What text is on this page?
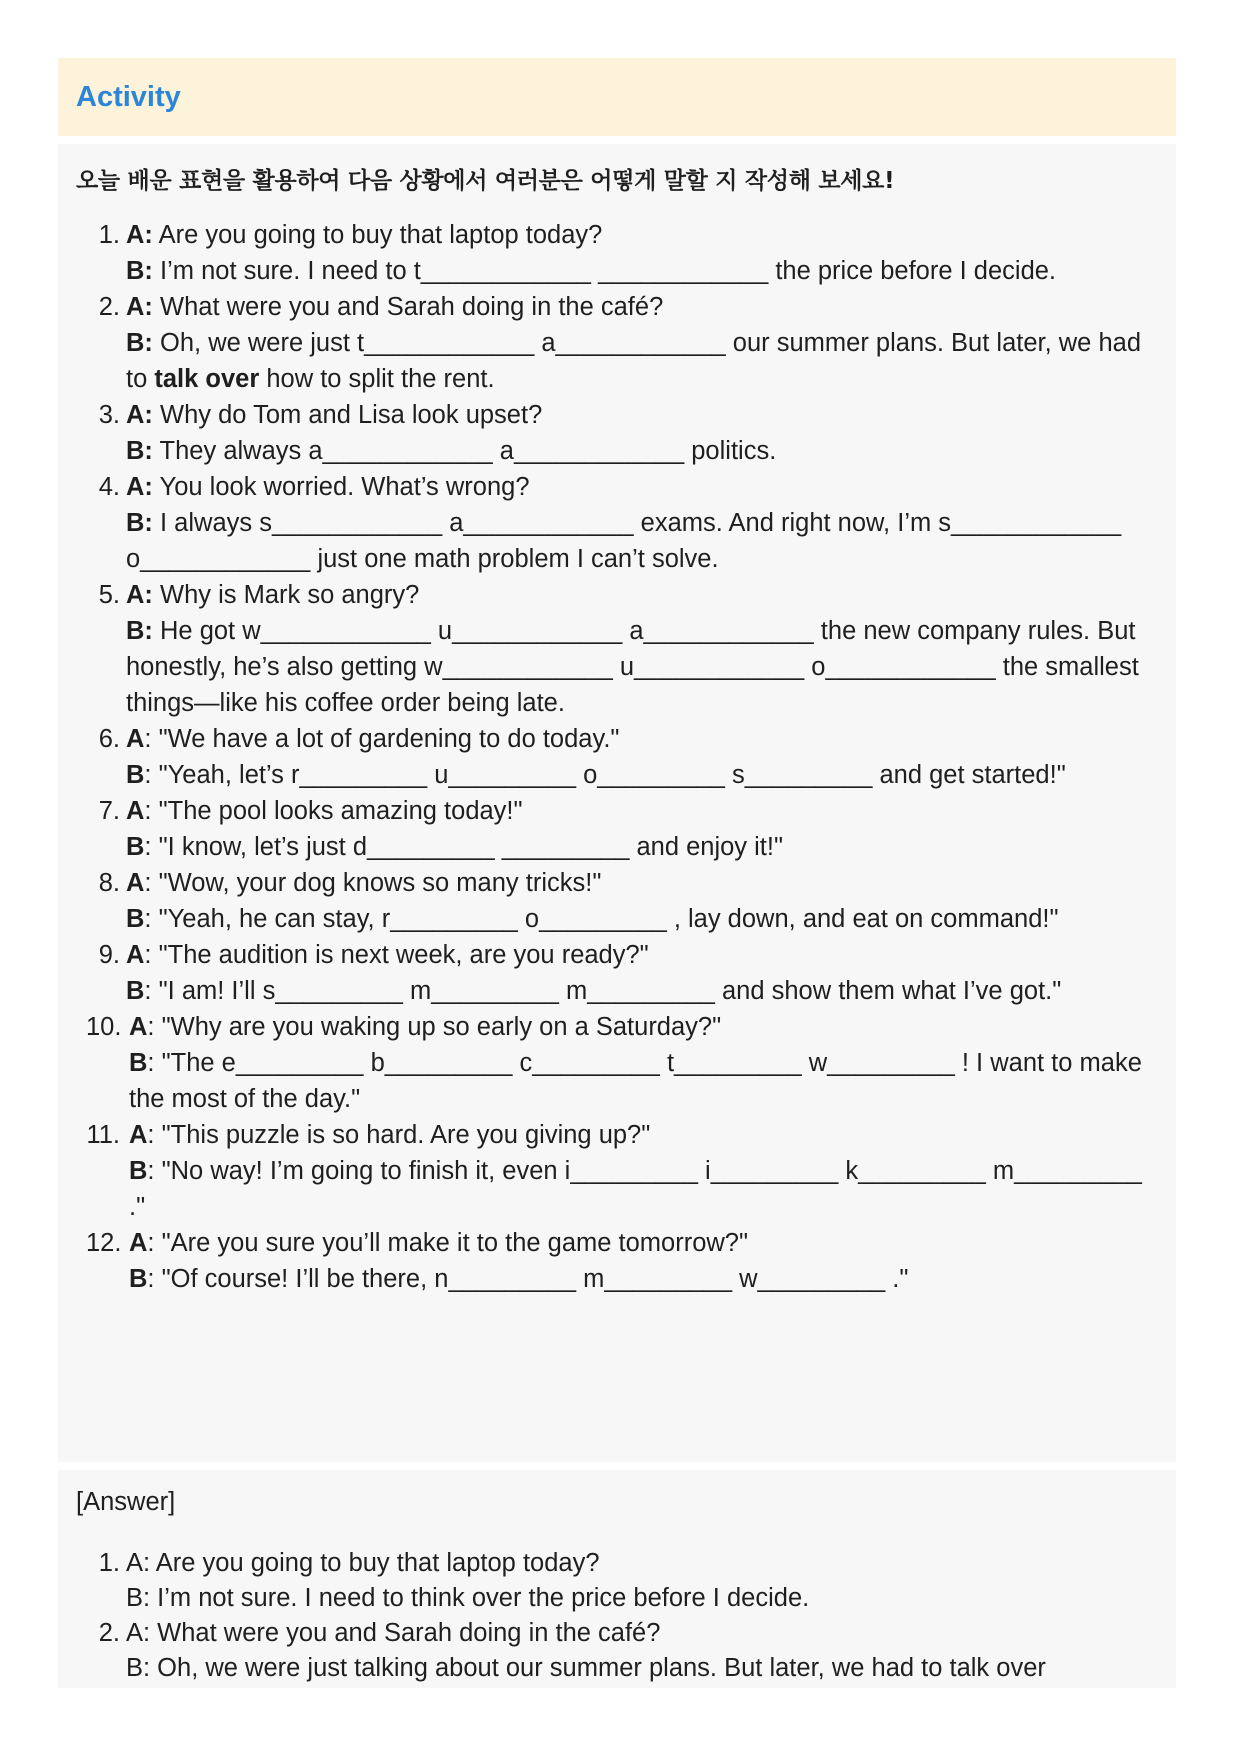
Activity
오늘 배운 표현을 활용하여 다음 상황에서 여러분은 어떻게 말할 지 작성해 보세요!
1. A: Are you going to buy that laptop today?
B: I’m not sure. I need to t____________ ____________ the price before I decide.
2. A: What were you and Sarah doing in the café?
B: Oh, we were just t____________ a____________ our summer plans. But later, we had to talk over how to split the rent.
3. A: Why do Tom and Lisa look upset?
B: They always a____________ a____________ politics.
4. A: You look worried. What’s wrong?
B: I always s____________ a____________ exams. And right now, I’m s____________ o____________ just one math problem I can’t solve.
5. A: Why is Mark so angry?
B: He got w____________ u____________ a____________ the new company rules. But honestly, he’s also getting w____________ u____________ o____________ the smallest things—like his coffee order being late.
6. A: "We have a lot of gardening to do today."
B: "Yeah, let’s r_________ u_________ o_________ s_________ and get started!"
7. A: "The pool looks amazing today!"
B: "I know, let’s just d_________ _________ and enjoy it!"
8. A: "Wow, your dog knows so many tricks!"
B: "Yeah, he can stay, r_________ o_________ , lay down, and eat on command!"
9. A: "The audition is next week, are you ready?"
B: "I am! I’ll s_________ m_________ m_________ and show them what I’ve got."
10. A: "Why are you waking up so early on a Saturday?"
B: "The e_________ b_________ c_________ t_________ w_________ ! I want to make the most of the day."
11. A: "This puzzle is so hard. Are you giving up?"
B: "No way! I’m going to finish it, even i_________ i_________ k_________ m_________ ."
12. A: "Are you sure you’ll make it to the game tomorrow?"
B: "Of course! I’ll be there, n_________ m_________ w_________ ."
[Answer]
1. A: Are you going to buy that laptop today?
B: I’m not sure. I need to think over the price before I decide.
2. A: What were you and Sarah doing in the café?
B: Oh, we were just talking about our summer plans. But later, we had to talk over
